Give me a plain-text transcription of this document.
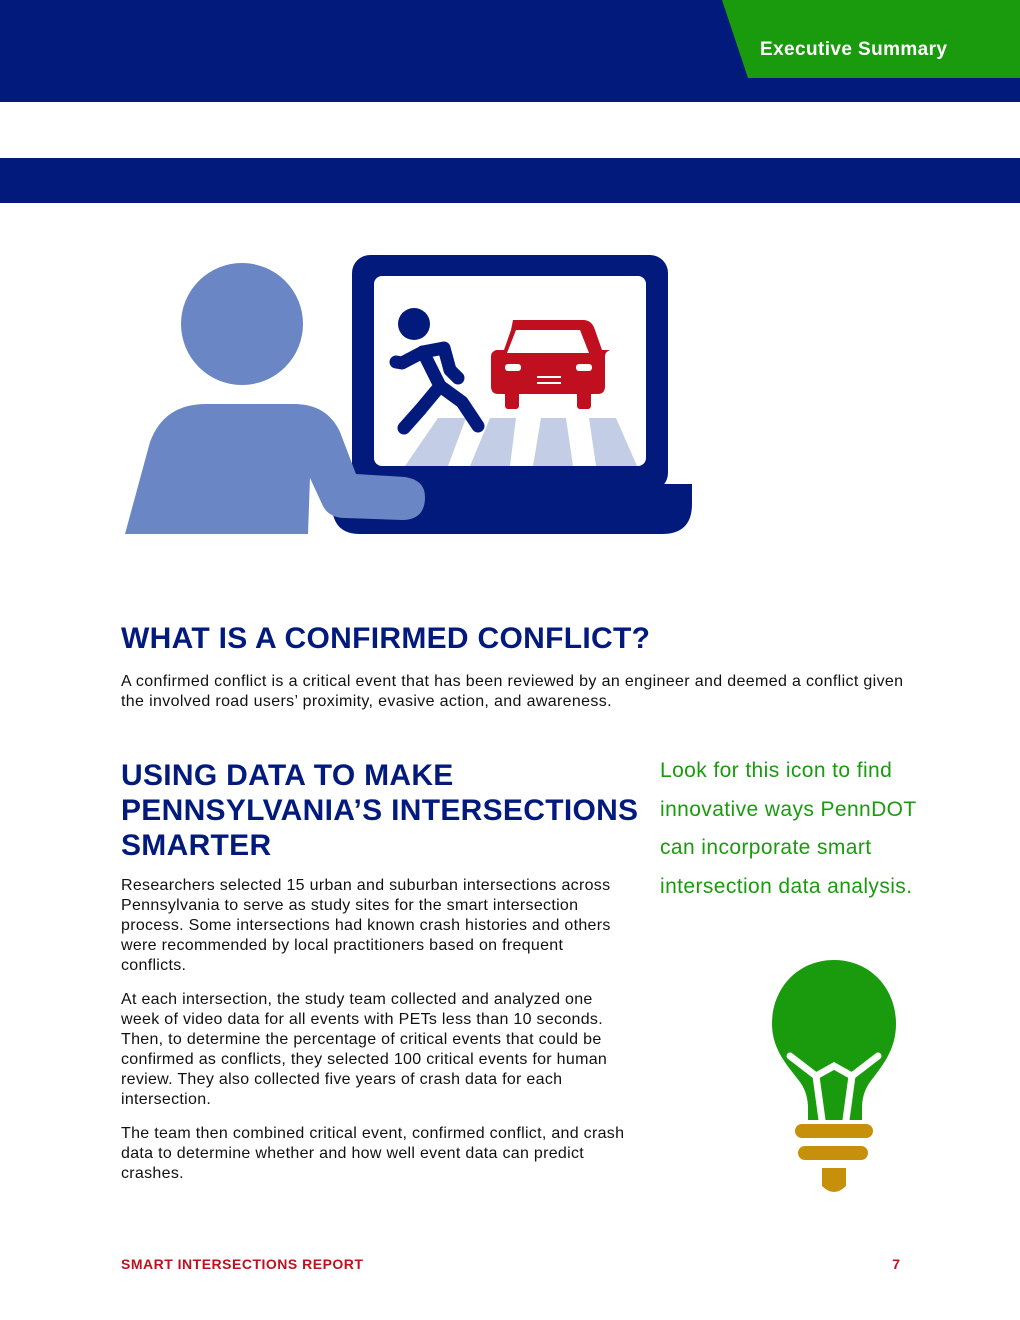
Executive Summary
WHAT IS A CONFIRMED CONFLICT?

A confirmed conflict is a critical event that has been reviewed by an engineer and deemed a conflict given the involved road users’ proximity, evasive action, and awareness.

USING DATA TO MAKE PENNSYLVANIA’S INTERSECTIONS SMARTER

Researchers selected 15 urban and suburban intersections across Pennsylvania to serve as study sites for the smart intersection process. Some intersections had known crash histories and others were recommended by local practitioners based on frequent conflicts.

At each intersection, the study team collected and analyzed one week of video data for all events with PETs less than 10 seconds. Then, to determine the percentage of critical events that could be confirmed as conflicts, they selected 100 critical events for human review. They also collected five years of crash data for each intersection.

The team then combined critical event, confirmed conflict, and crash data to determine whether and how well event data can predict crashes.

Look for this icon to find innovative ways PennDOT can incorporate smart intersection data analysis.
SMART INTERSECTIONS REPORT	7
